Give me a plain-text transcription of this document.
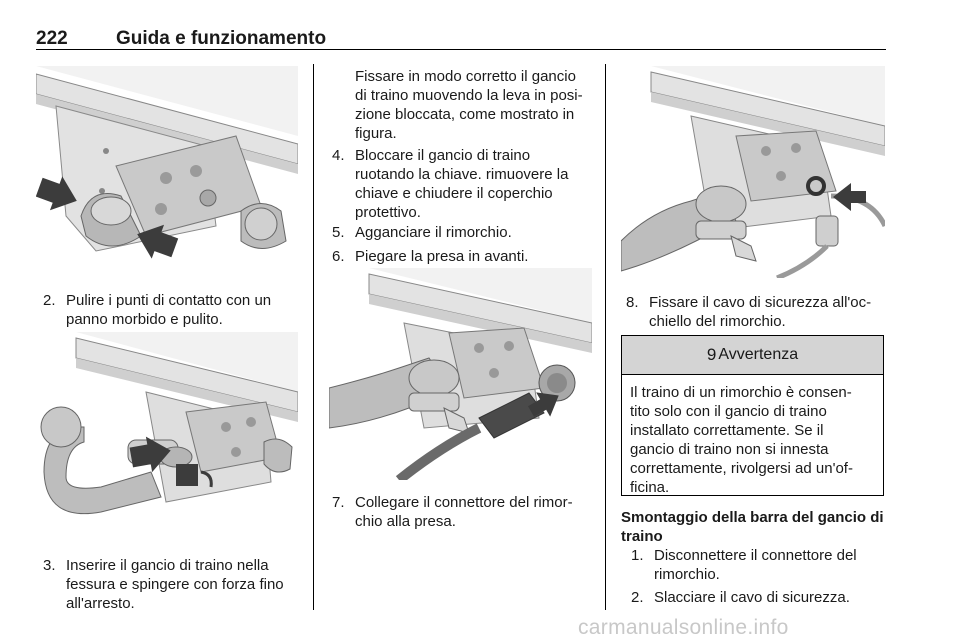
222	Guida e funzionamento
2. Pulire i punti di contatto con un
panno morbido e pulito.
3. Inserire il gancio di traino nella
fessura e spingere con forza fino
all'arresto.
Fissare in modo corretto il gancio
di traino muovendo la leva in posi-
zione bloccata, come mostrato in
figura.
4. Bloccare il gancio di traino
ruotando la chiave. rimuovere la
chiave e chiudere il coperchio
protettivo.
5. Agganciare il rimorchio.
6. Piegare la presa in avanti.
7. Collegare il connettore del rimor-
chio alla presa.
8. Fissare il cavo di sicurezza all'oc-
chiello del rimorchio.
9 Avvertenza
Il traino di un rimorchio è consen-
tito solo con il gancio di traino
installato correttamente. Se il
gancio di traino non si innesta
correttamente, rivolgersi ad un'of-
ficina.
Smontaggio della barra del gancio di
traino
1. Disconnettere il connettore del
rimorchio.
2. Slacciare il cavo di sicurezza.
carmanualsonline.info
